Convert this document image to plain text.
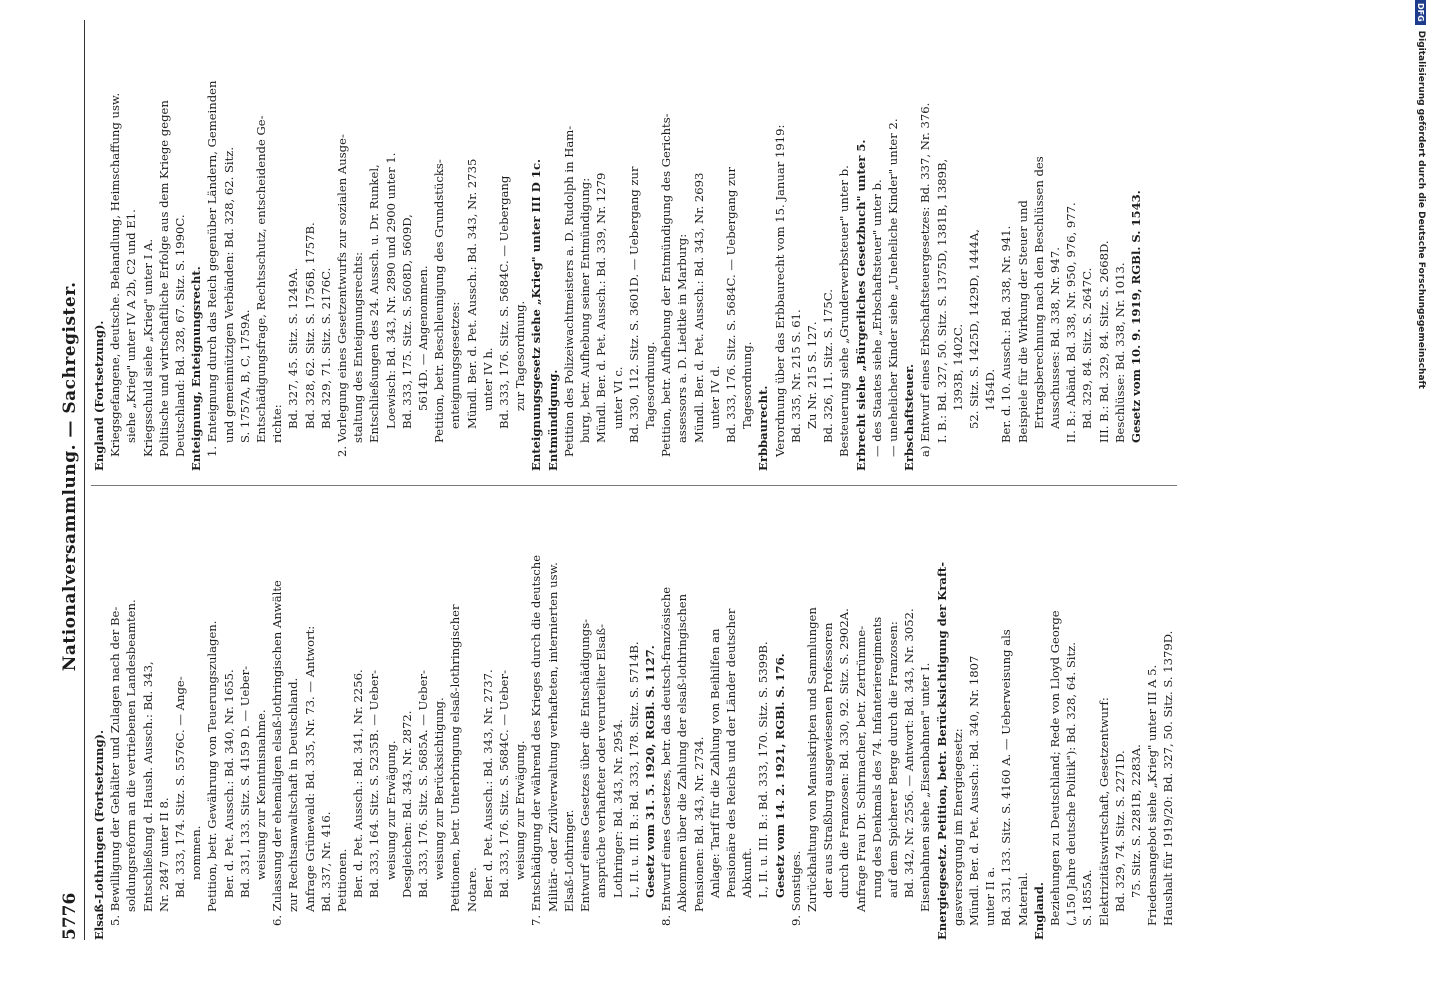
5776
Nationalversammlung. — Sachregister.
Elsaß-Lothringen (Fortsetzung). 5. Bewilligung der Gehälter und Zulagen nach der Be- soldungsreform an die vertriebenen Landesbeamten. Entschließung d. Haush. Aussch.: Bd. 343, Nr. 2847 unter II 8. Bd. 333, 174. Sitz. S. 5576C. — Ange- nommen. Petition, betr. Gewährung von Teuerungszulagen. Ber. d. Pet. Aussch.: Bd. 340, Nr. 1655. Bd. 331, 133. Sitz. S. 4159 D. — Ueber- weisung zur Kenntnisnahme. 6. Zulassung der ehemaligen elsaß-lothringischen Anwälte zur Rechtsanwaltschaft in Deutschland. Anfrage Grünewald: Bd. 335, Nr. 73. — Antwort: Bd. 337, Nr. 416. Petitionen. Ber. d. Pet. Aussch.: Bd. 341, Nr. 2256. Bd. 333, 164. Sitz. S. 5235B. — Ueber- weisung zur Erwägung. Desgleichen: Bd. 343, Nr. 2872. Bd. 333, 176. Sitz. S. 5685A. — Ueber- weisung zur Berücksichtigung. Petitionen, betr. Unterbringung elsaß-lothringischer Notare. Ber. d. Pet. Aussch.: Bd. 343, Nr. 2737. Bd. 333, 176. Sitz. S. 5684C. — Ueber- weisung zur Erwägung. 7. Entschädigung der während des Krieges durch die deutsche Militär- oder Zivilverwaltung verhafteten, internierten usw. Elsaß-Lothringer. Entwurf eines Gesetzes über die Entschädigungs- ansprüche verhafteter oder verurteilter Elsaß- Lothringer: Bd. 343, Nr. 2954. I., II. u. III. B.: Bd. 333, 178. Sitz. S. 5714B. Gesetz vom 31. 5. 1920, RGBl. S. 1127. 8. Entwurf eines Gesetzes, betr. das deutsch-französische Abkommen über die Zahlung der elsaß-lothringischen Pensionen: Bd. 343, Nr. 2734. Anlage: Tarif für die Zahlung von Beihilfen an Pensionäre des Reichs und der Länder deutscher Abkunft. I., II. u. III. B.: Bd. 333, 170. Sitz. S. 5399B. Gesetz vom 14. 2. 1921, RGBl. S. 176. 9. Sonstiges. Zurückhaltung von Manuskripten und Sammlungen der aus Straßburg ausgewiesenen Professoren durch die Franzosen: Bd. 330, 92. Sitz. S. 2902A. Anfrage Frau Dr. Schirmacher, betr. Zertrümme- rung des Denkmals des 74. Infanterieregiments auf dem Spicherer Berge durch die Franzosen: Bd. 342, Nr. 2556. — Antwort: Bd. 343, Nr. 3052. Eisenbahnen siehe „Eisenbahnen" unter I. Energiegesetz. Petition, betr. Berücksichtigung der Kraft- gasversorgung im Energiegesetz: Mündl. Ber. d. Pet. Aussch.: Bd. 340, Nr. 1807 unter II a. Bd. 331, 133. Sitz. S. 4160 A. — Ueberweisung als Material. England. Beziehungen zu Deutschland; Rede von Lloyd George („150 Jahre deutsche Politik"): Bd. 328, 64. Sitz. S. 1855A. Elektrizitätswirtschaft, Gesetzentwurf: Bd. 329, 74. Sitz. S. 2271D. 75. Sitz. S. 2281B, 2283A. Friedensangebot siehe „Krieg" unter III A 5. Haushalt für 1919/20: Bd. 327, 50. Sitz. S. 1379D.
England (Fortsetzung). Kriegsgefangene, deutsche. Behandlung, Heimschaffung usw. siehe „Krieg" unter IV A 2b, C2 und E1. Kriegsschuld siehe „Krieg" unter I A. Politische und wirtschaftliche Erfolge aus dem Kriege gegen Deutschland: Bd. 328, 67. Sitz. S. 1990C. Enteignung, Enteignungsrecht. 1. Enteignung durch das Reich gegenüber Ländern, Gemeinden und gemeinnützigen Verbänden: Bd. 328, 62. Sitz. S. 1757A, B, C, 1759A. Entschädigungsfrage, Rechtsschutz, entscheidende Ge- richte: Bd. 327, 45. Sitz. S. 1249A. Bd. 328, 62. Sitz. S. 1756B, 1757B. Bd. 329, 71. Sitz. S. 2176C. 2. Vorlegung eines Gesetzentwurfs zur sozialen Ausge- staltung des Enteignungsrechts: Entschließungen des 24. Aussch. u. Dr. Runkel, Loewisch: Bd. 343, Nr. 2890 und 2900 unter 1. Bd. 333, 175. Sitz. S. 5608D, 5609D, 5614D. — Angenommen. Petition, betr. Beschleunigung des Grundstücks- enteignungsgesetzes: Mündl. Ber. d. Pet. Aussch.: Bd. 343, Nr. 2735 unter IV h. Bd. 333, 176. Sitz. S. 5684C. — Uebergang zur Tagesordnung. Enteignungsgesetz siehe „Krieg" unter III D 1c. Entmündigung. Petition des Polizeiwachtmeisters a. D. Rudolph in Ham- burg, betr. Aufhebung seiner Entmündigung: Mündl. Ber. d. Pet. Aussch.: Bd. 339, Nr. 1279 unter VI c. Bd. 330, 112. Sitz. S. 3601D. — Uebergang zur Tagesordnung. Petition, betr. Aufhebung der Entmündigung des Gerichts- assessors a. D. Liedtke in Marburg: Mündl. Ber. d. Pet. Aussch.: Bd. 343, Nr. 2693 unter IV d. Bd. 333, 176. Sitz. S. 5684C. — Uebergang zur Tagesordnung. Erbbaurecht. Verordnung über das Erbbaurecht vom 15. Januar 1919: Bd. 335, Nr. 215 S. 61. Zu Nr. 215 S. 127. Bd. 326, 11. Sitz. S. 175C. Besteuerung siehe „Grunderwerbsteuer" unter b. Erbrecht siehe „Bürgerliches Gesetzbuch" unter 5. — des Staates siehe „Erbschaftsteuer" unter b. — unehelicher Kinder siehe „Uneheliche Kinder" unter 2. Erbschaftsteuer. a) Entwurf eines Erbschaftsteuergesetzes: Bd. 337, Nr. 376. I. B.: Bd. 327, 50. Sitz. S. 1375D, 1381B, 1389B, 1393B, 1402C. 52. Sitz. S. 1425D, 1429D, 1444A, 1454D. Ber. d. 10. Aussch.: Bd. 338, Nr. 941. Beispiele für die Wirkung der Steuer und Ertragsberechnung nach den Beschlüssen des Ausschusses: Bd. 338, Nr. 947. II. B.: Abänd. Bd. 338, Nr. 950, 976, 977. Bd. 329, 84. Sitz. S. 2647C. III. B.: Bd. 329, 84. Sitz. S. 2668D. Beschlüsse: Bd. 338, Nr. 1013. Gesetz vom 10. 9. 1919, RGBl. S. 1543.
DFG
Digitalisierung gefördert durch die Deutsche Forschungsgemeinschaft
